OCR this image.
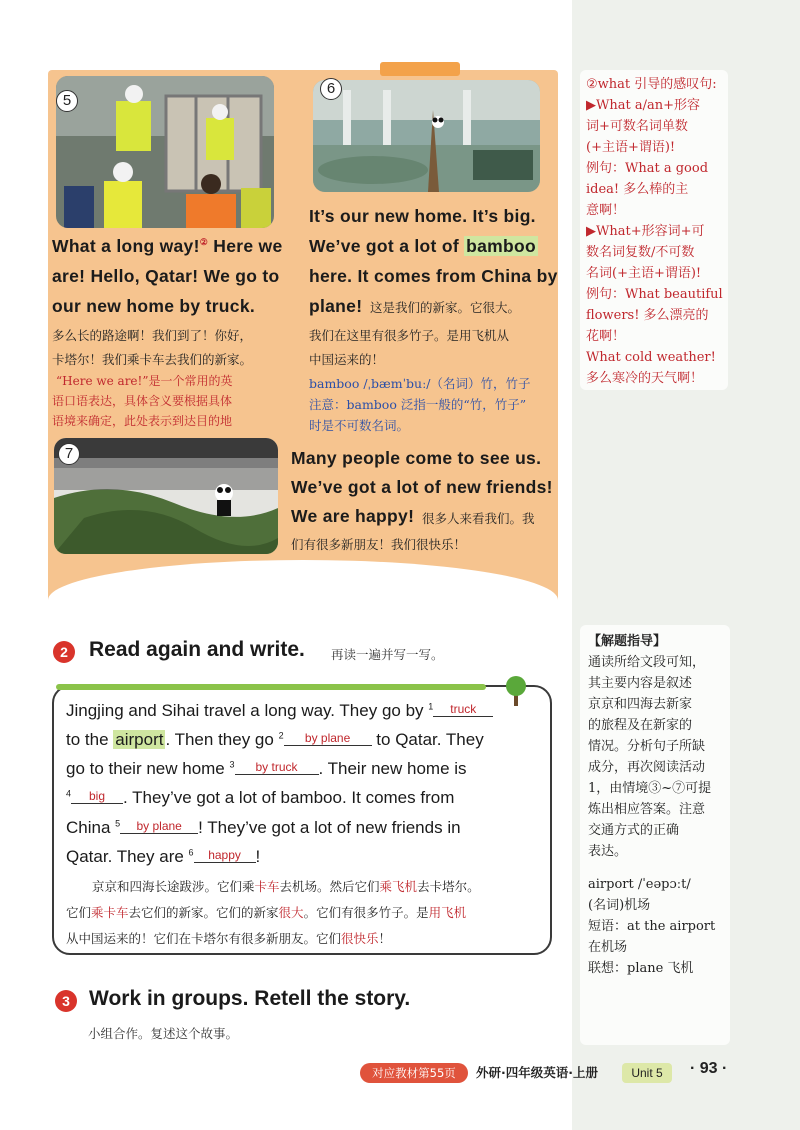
②what 引导的感叹句:
▶What a/an+形容
词+可数名词单数
(+主语+谓语)!
例句：What a good
idea! 多么棒的主
意啊！
▶What+形容词+可
数名词复数/不可数
名词(+主语+谓语)!
例句：What beautiful
flowers! 多么漂亮的
花啊！
What cold weather!
多么寒冷的天气啊！
【解题指导】
通读所给文段可知，
其主要内容是叙述
京京和四海去新家
的旅程及在新家的
情况。分析句子所缺
成分，再次阅读活动
1，由情境③~⑦可提
炼出相应答案。注意
交通方式的正确
表达。
airport /ˈeəpɔːt/
(名词)机场
短语：at the airport
在机场
联想：plane 飞机
5
6
7
What a long way!② Here we
are! Hello, Qatar! We go to
our new home by truck.
多么长的路途啊！我们到了！你好，
卡塔尔！我们乘卡车去我们的新家。
“Here we are!”是一个常用的英
语口语表达，具体含义要根据具体
语境来确定，此处表示到达目的地
It’s our new home. It’s big.
We’ve got a lot of bamboo
here. It comes from China by
plane! 这是我们的新家。它很大。
我们在这里有很多竹子。是用飞机从
中国运来的！
bamboo /ˌbæmˈbuː/（名词）竹，竹子
注意：bamboo 泛指一般的“竹，竹子”
时是不可数名词。
Many people come to see us.
We’ve got a lot of new friends!
We are happy! 很多人来看我们。我
们有很多新朋友！我们很快乐！
2	Read again and write. 再读一遍并写一写。
Jingjing and Sihai travel a long way. They go by $^1$ truck
to the airport . Then they go $^2$ by plane to Qatar. They
go to their new home $^3$ by truck . Their new home is
$^4$ big . They’ve got a lot of bamboo. It comes from
China $^5$ by plane ! They’ve got a lot of new friends in
Qatar. They are $^6$ happy !
京京和四海长途跋涉。它们乘卡车去机场。然后它们乘飞机去卡塔尔。
它们乘卡车去它们的新家。它们的新家很大。它们有很多竹子。是用飞机
从中国运来的！它们在卡塔尔有很多新朋友。它们很快乐！
3 Work in groups. Retell the story.
小组合作。复述这个故事。
对应教材第55页	外研·四年级英语·上册	Unit 5	· 93 ·
